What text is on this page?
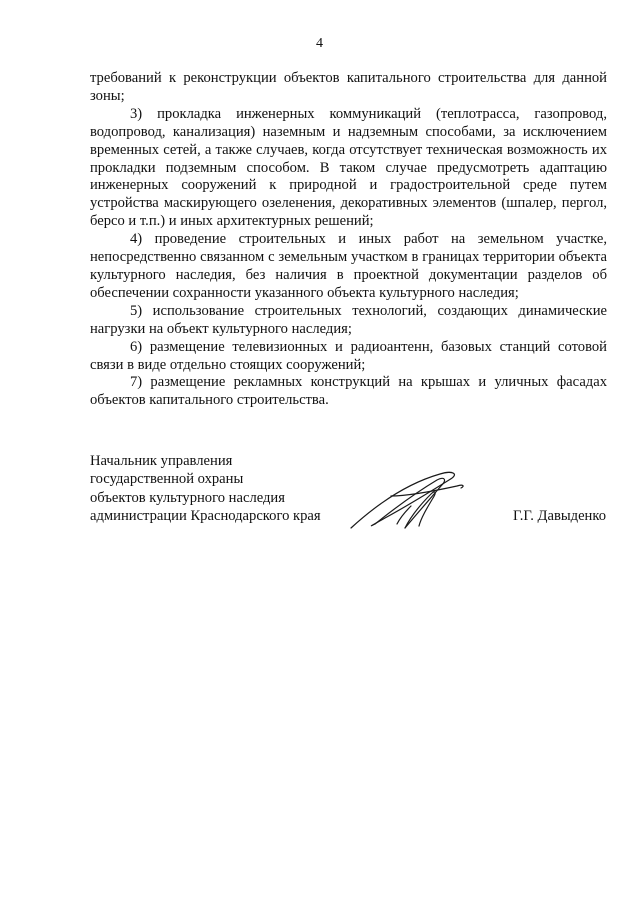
4

требований к реконструкции объектов капитального строительства для данной зоны;

3) прокладка инженерных коммуникаций (теплотрасса, газопровод, водопровод, канализация) наземным и надземным способами, за исключением временных сетей, а также случаев, когда отсутствует техническая возможность их прокладки подземным способом. В таком случае предусмотреть адаптацию инженерных сооружений к природной и градостроительной среде путем устройства маскирующего озеленения, декоративных элементов (шпалер, пергол, берсо и т.п.) и иных архитектурных решений;

4) проведение строительных и иных работ на земельном участке, непосредственно связанном с земельным участком в границах территории объекта культурного наследия, без наличия в проектной документации разделов об обеспечении сохранности указанного объекта культурного наследия;

5) использование строительных технологий, создающих динамические нагрузки на объект культурного наследия;

6) размещение телевизионных и радиоантенн, базовых станций сотовой связи в виде отдельно стоящих сооружений;

7) размещение рекламных конструкций на крышах и уличных фасадах объектов капитального строительства.

Начальник управления
государственной охраны
объектов культурного наследия
администрации Краснодарского края	Г.Г. Давыденко
